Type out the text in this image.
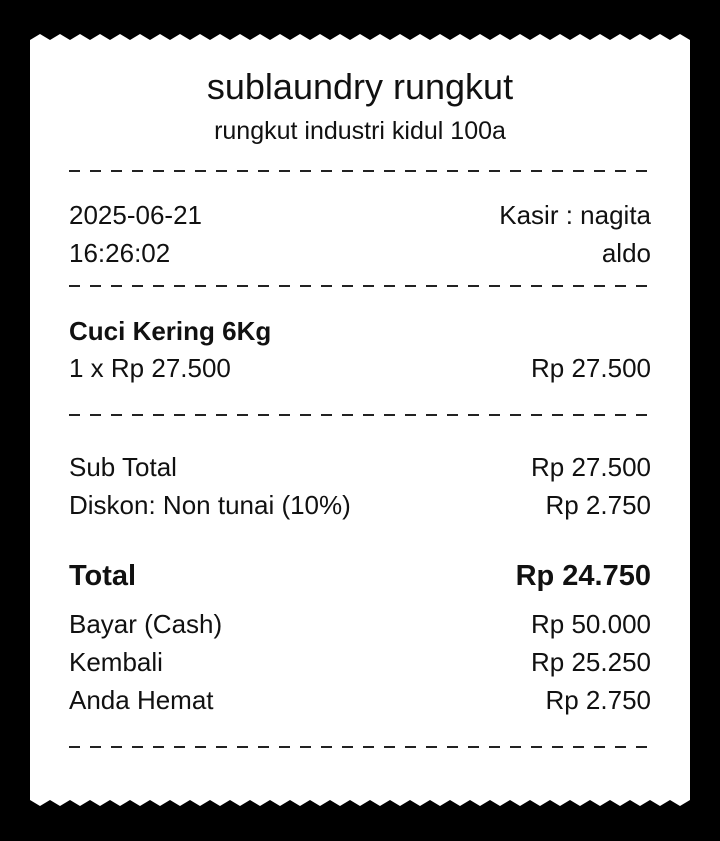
sublaundry rungkut
rungkut industri kidul 100a
2025-06-21	Kasir : nagita
16:26:02	aldo
Cuci Kering 6Kg
1 x Rp 27.500	Rp 27.500
Sub Total	Rp 27.500
Diskon: Non tunai (10%)	Rp 2.750
Total	Rp 24.750
Bayar (Cash)	Rp 50.000
Kembali	Rp 25.250
Anda Hemat	Rp 2.750
